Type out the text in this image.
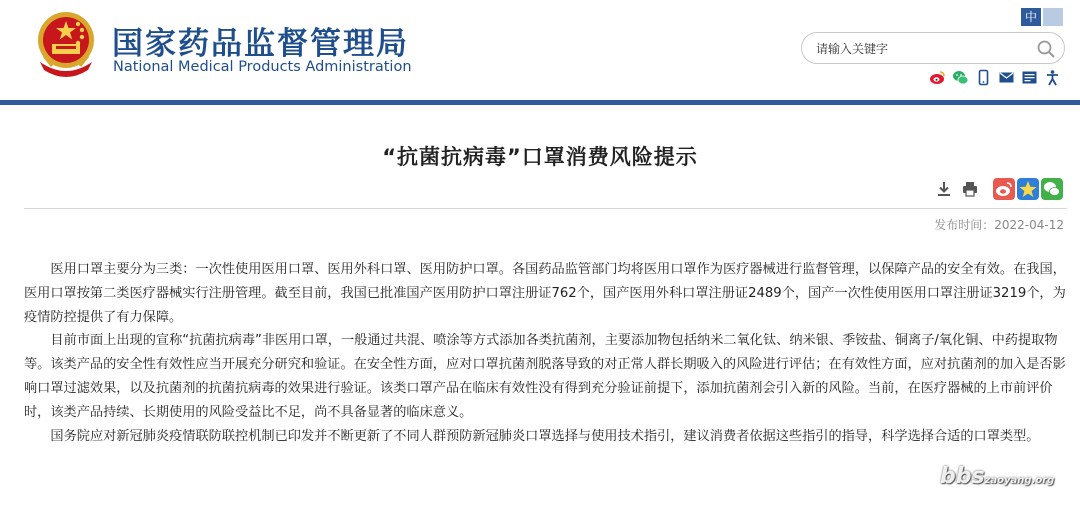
国家药品监督管理局
National Medical Products Administration
中
请输入关键字
“抗菌抗病毒”口罩消费风险提示
发布时间：2022-04-12

医用口罩主要分为三类：一次性使用医用口罩、医用外科口罩、医用防护口罩。各国药品监管部门均将医用口罩作为医疗器械进行监督管理，以保障产品的安全有效。在我国，医用口罩按第二类医疗器械实行注册管理。截至目前，我国已批准国产医用防护口罩注册证762个，国产医用外科口罩注册证2489个，国产一次性使用医用口罩注册证3219个，为疫情防控提供了有力保障。

目前市面上出现的宣称“抗菌抗病毒”非医用口罩，一般通过共混、喷涂等方式添加各类抗菌剂，主要添加物包括纳米二氧化钛、纳米银、季铵盐、铜离子/氧化铜、中药提取物等。该类产品的安全性有效性应当开展充分研究和验证。在安全性方面，应对口罩抗菌剂脱落导致的对正常人群长期吸入的风险进行评估；在有效性方面，应对抗菌剂的加入是否影响口罩过滤效果，以及抗菌剂的抗菌抗病毒的效果进行验证。该类口罩产品在临床有效性没有得到充分验证前提下，添加抗菌剂会引入新的风险。当前，在医疗器械的上市前评价时，该类产品持续、长期使用的风险受益比不足，尚不具备显著的临床意义。

国务院应对新冠肺炎疫情联防联控机制已印发并不断更新了不同人群预防新冠肺炎口罩选择与使用技术指引，建议消费者依据这些指引的指导，科学选择合适的口罩类型。

bbszaoyang.org
